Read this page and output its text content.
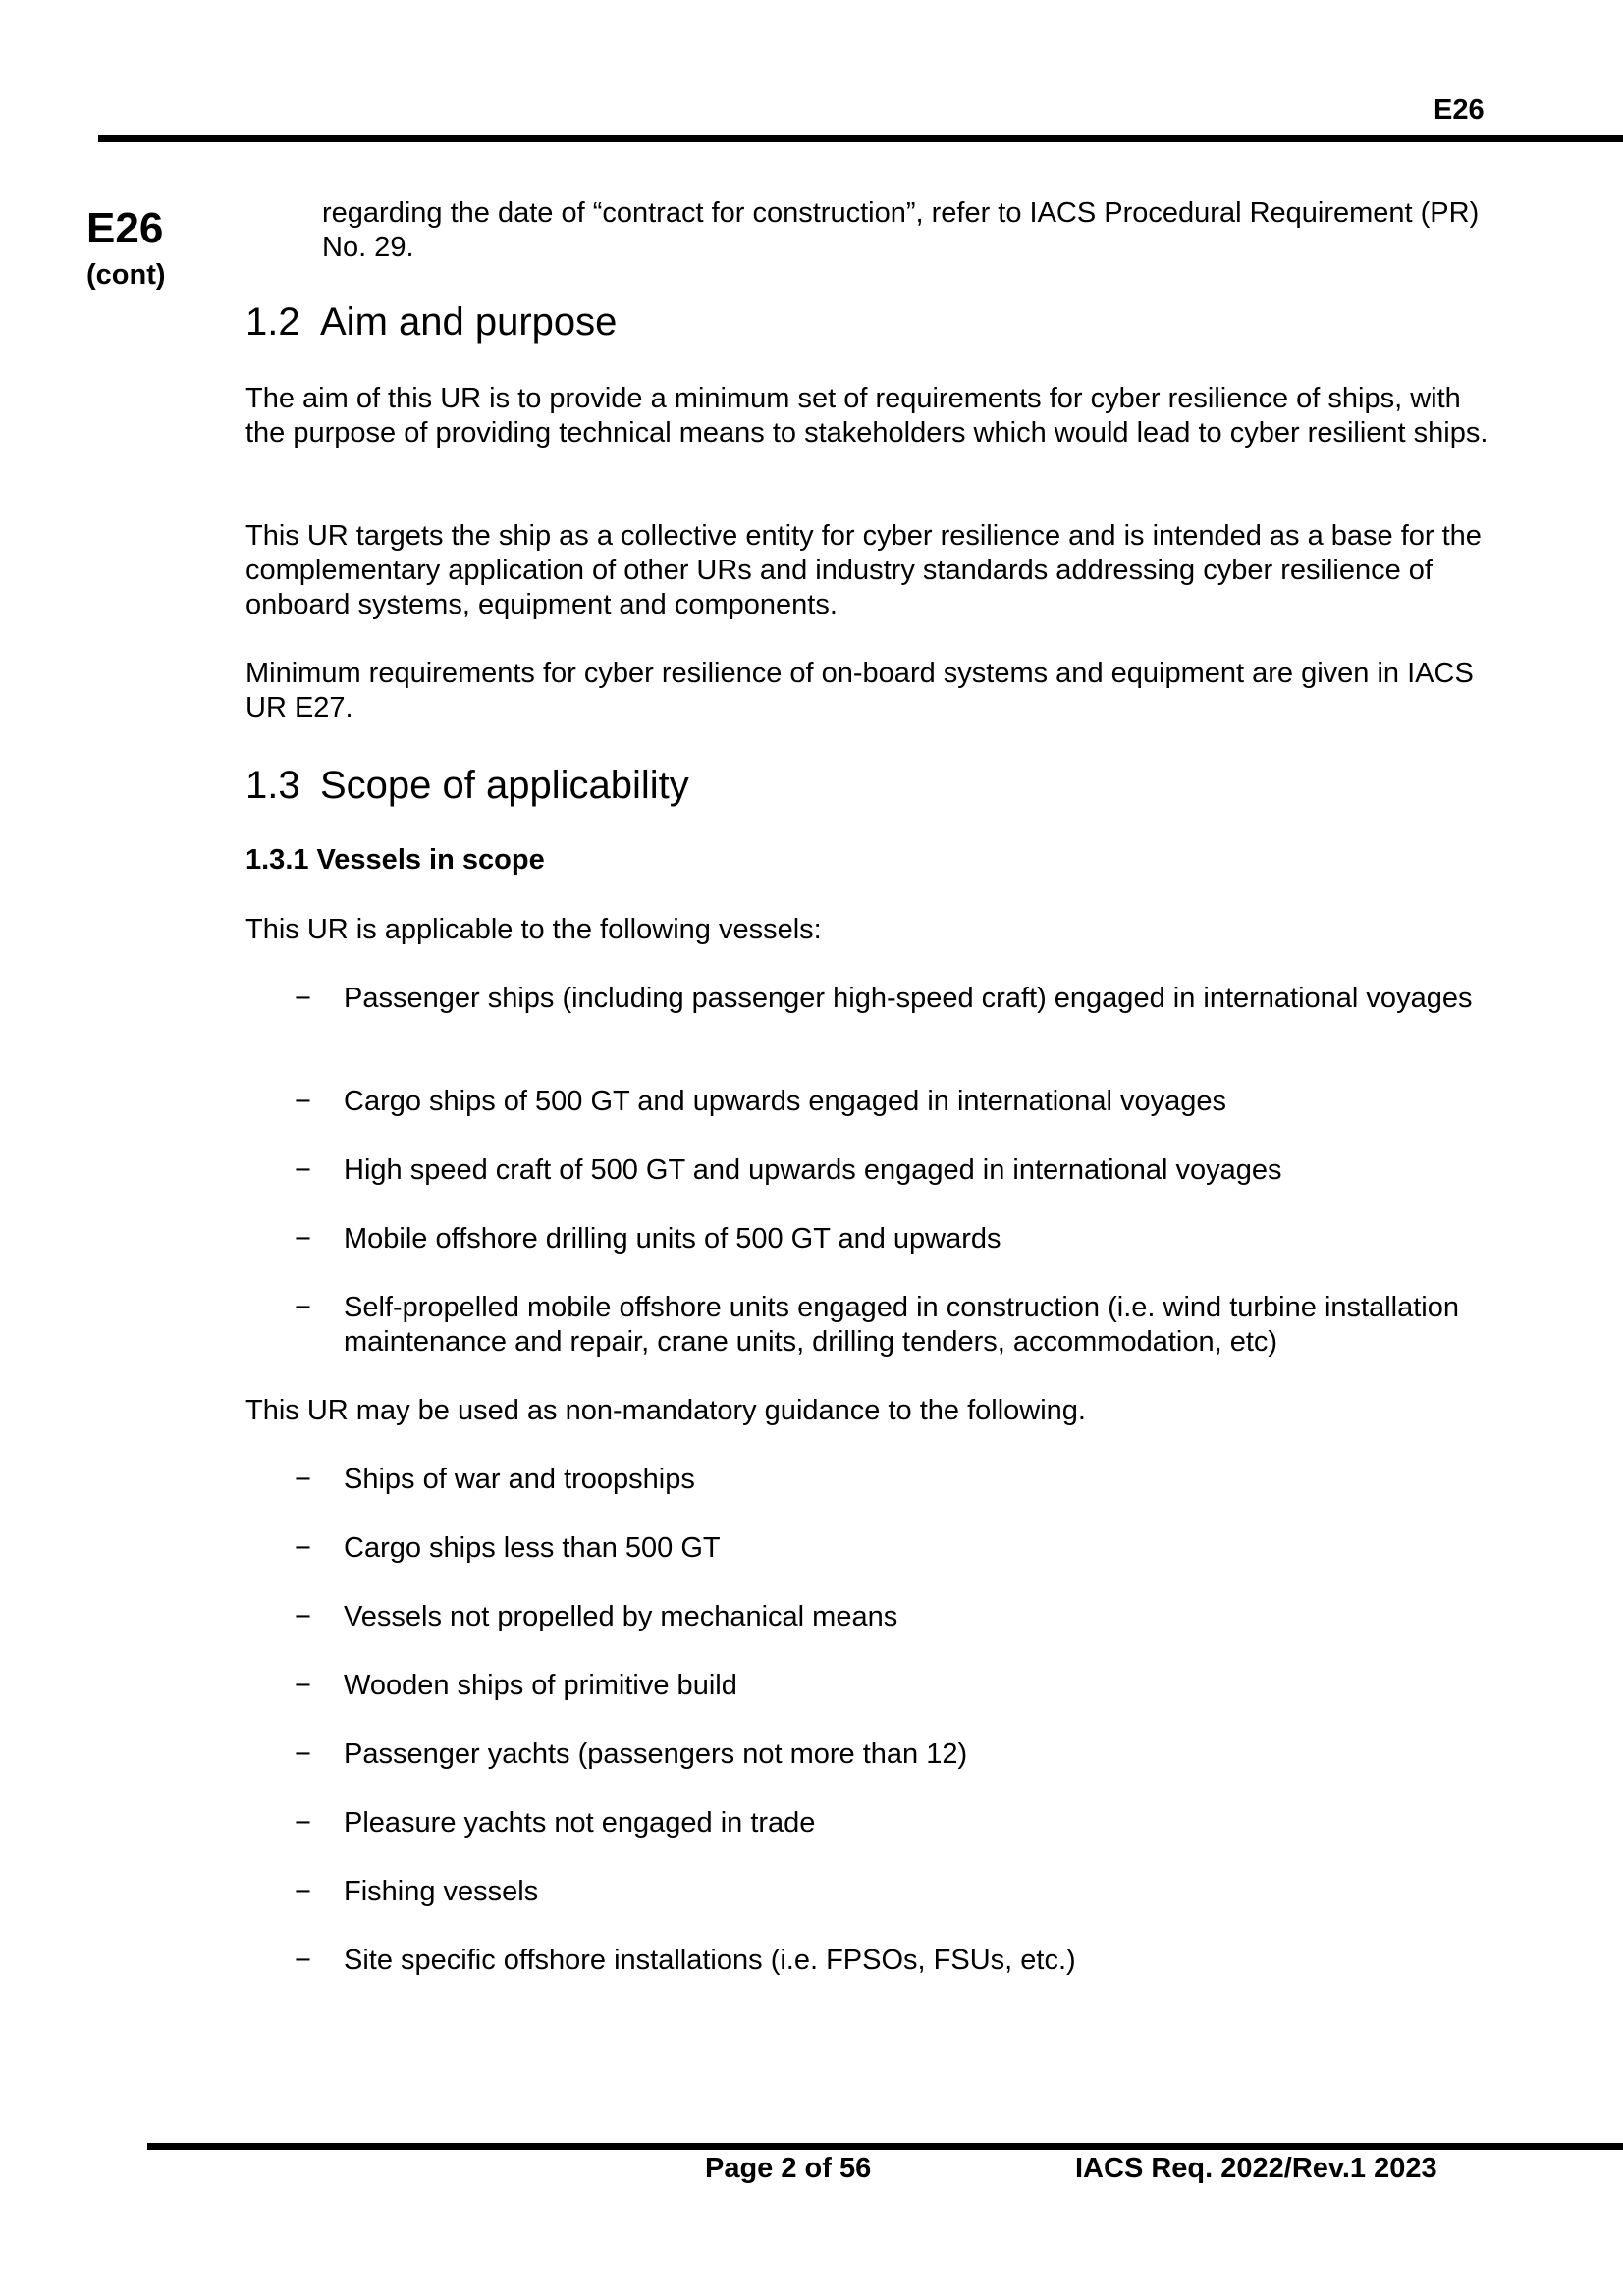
E26
E26
(cont)
regarding the date of “contract for construction”, refer to IACS Procedural Requirement (PR) No. 29.
1.2 Aim and purpose
The aim of this UR is to provide a minimum set of requirements for cyber resilience of ships, with the purpose of providing technical means to stakeholders which would lead to cyber resilient ships.
This UR targets the ship as a collective entity for cyber resilience and is intended as a base for the complementary application of other URs and industry standards addressing cyber resilience of onboard systems, equipment and components.
Minimum requirements for cyber resilience of on-board systems and equipment are given in IACS UR E27.
1.3 Scope of applicability
1.3.1 Vessels in scope
This UR is applicable to the following vessels:
− Passenger ships (including passenger high-speed craft) engaged in international voyages
− Cargo ships of 500 GT and upwards engaged in international voyages
− High speed craft of 500 GT and upwards engaged in international voyages
− Mobile offshore drilling units of 500 GT and upwards
− Self-propelled mobile offshore units engaged in construction (i.e. wind turbine installation maintenance and repair, crane units, drilling tenders, accommodation, etc)
This UR may be used as non-mandatory guidance to the following.
− Ships of war and troopships
− Cargo ships less than 500 GT
− Vessels not propelled by mechanical means
− Wooden ships of primitive build
− Passenger yachts (passengers not more than 12)
− Pleasure yachts not engaged in trade
− Fishing vessels
− Site specific offshore installations (i.e. FPSOs, FSUs, etc.)
Page 2 of 56	IACS Req. 2022/Rev.1 2023
